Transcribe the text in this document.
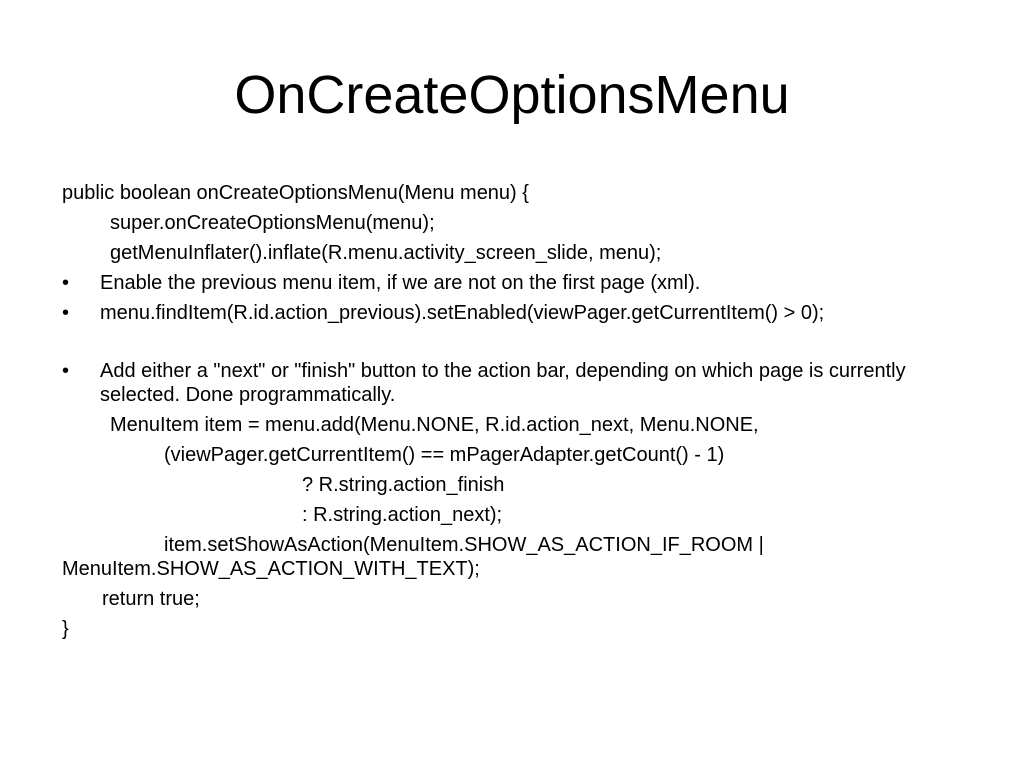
OnCreateOptionsMenu
public boolean onCreateOptionsMenu(Menu menu) {
super.onCreateOptionsMenu(menu);
getMenuInflater().inflate(R.menu.activity_screen_slide, menu);
•	Enable the previous menu item, if we are not on the first page (xml).
•	menu.findItem(R.id.action_previous).setEnabled(viewPager.getCurrentItem() > 0);
•	Add either a "next" or "finish" button to the action bar, depending on which page is currently selected. Done programmatically.
MenuItem item = menu.add(Menu.NONE, R.id.action_next, Menu.NONE,
(viewPager.getCurrentItem() == mPagerAdapter.getCount() - 1)
? R.string.action_finish
: R.string.action_next);
item.setShowAsAction(MenuItem.SHOW_AS_ACTION_IF_ROOM |
MenuItem.SHOW_AS_ACTION_WITH_TEXT);
return true;
}
